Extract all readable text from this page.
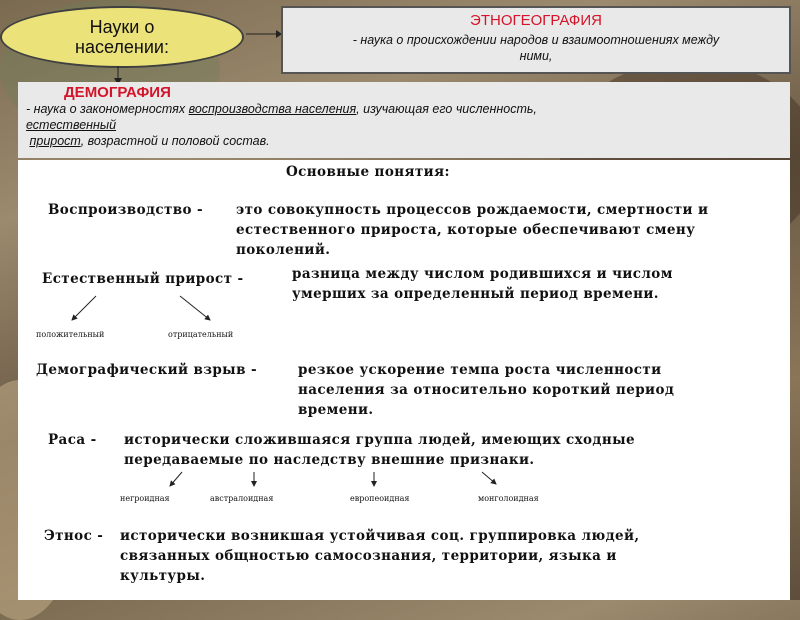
Науки о
населении:
ЭТНОГЕОГРАФИЯ
- наука о происхождении народов и взаимоотношениях между
ними,
ДЕМОГРАФИЯ
- наука о закономерностях воспроизводства населения, изучающая его численность,
естественный
прирост, возрастной и половой состав.
Основные понятия:
Воспроизводство - это совокупность процессов рождаемости, смертности и
естественного прироста, которые обеспечивают смену
поколений.
Естественный прирост -	разница между числом родившихся и числом
умерших за определенный период времени.
положительный	отрицательный
Демографический взрыв -	резкое ускорение темпа роста численности
населения за относительно короткий период
времени.
Раса - исторически сложившаяся группа людей, имеющих сходные
передаваемые по наследству внешние признаки.
негроидная	австралоидная	европеоидная	монголоидная
Этнос - исторически возникшая устойчивая соц. группировка людей,
связанных общностью самосознания, территории, языка и
культуры.
